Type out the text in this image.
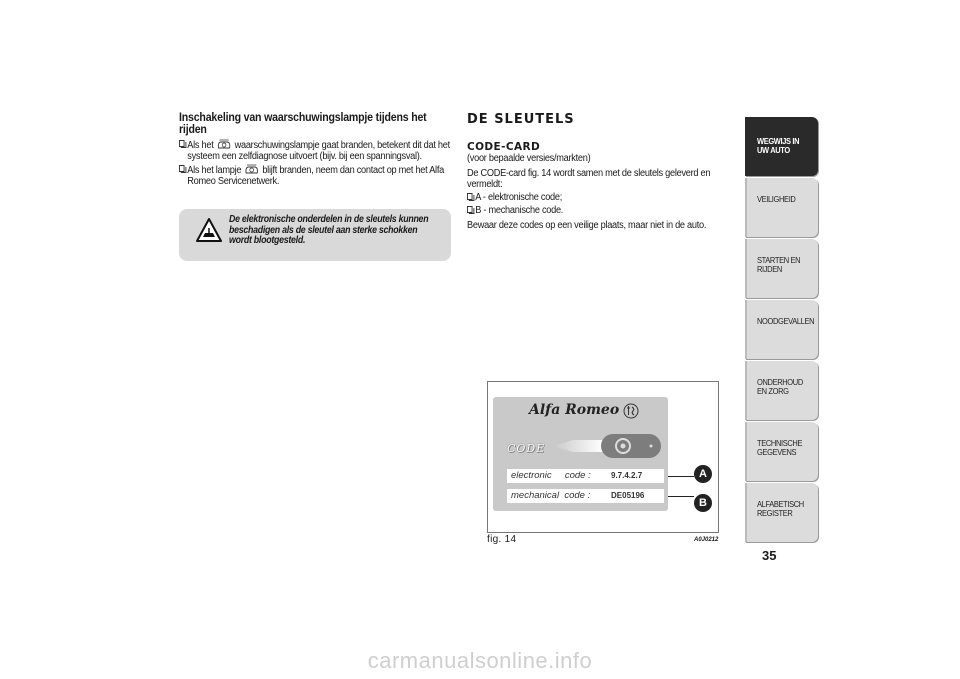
Inschakeling van waarschuwingslampje tijdens het rijden
Als het waarschuwingslampje gaat branden, betekent dit dat het systeem een zelfdiagnose uitvoert (bijv. bij een spanningsval).
Als het lampje blijft branden, neem dan contact op met het Alfa Romeo Servicenetwerk.
De elektronische onderdelen in de sleutels kunnen beschadigen als de sleutel aan sterke schokken wordt blootgesteld.
DE SLEUTELS
CODE-CARD
(voor bepaalde versies/markten)
De CODE-card fig. 14 wordt samen met de sleutels geleverd en vermeldt:
A - elektronische code;
B - mechanische code.
Bewaar deze codes op een veilige plaats, maar niet in de auto.
Alfa Romeo
CODE
electronic     code :	9.7.4.2.7
mechanical  code :	DE05196
A
B
fig. 14	A0J0212
WEGWIJS IN UW AUTO
VEILIGHEID
STARTEN EN RIJDEN
NOODGEVALLEN
ONDERHOUD EN ZORG
TECHNISCHE GEGEVENS
ALFABETISCH REGISTER
35
carmanualsonline.info
